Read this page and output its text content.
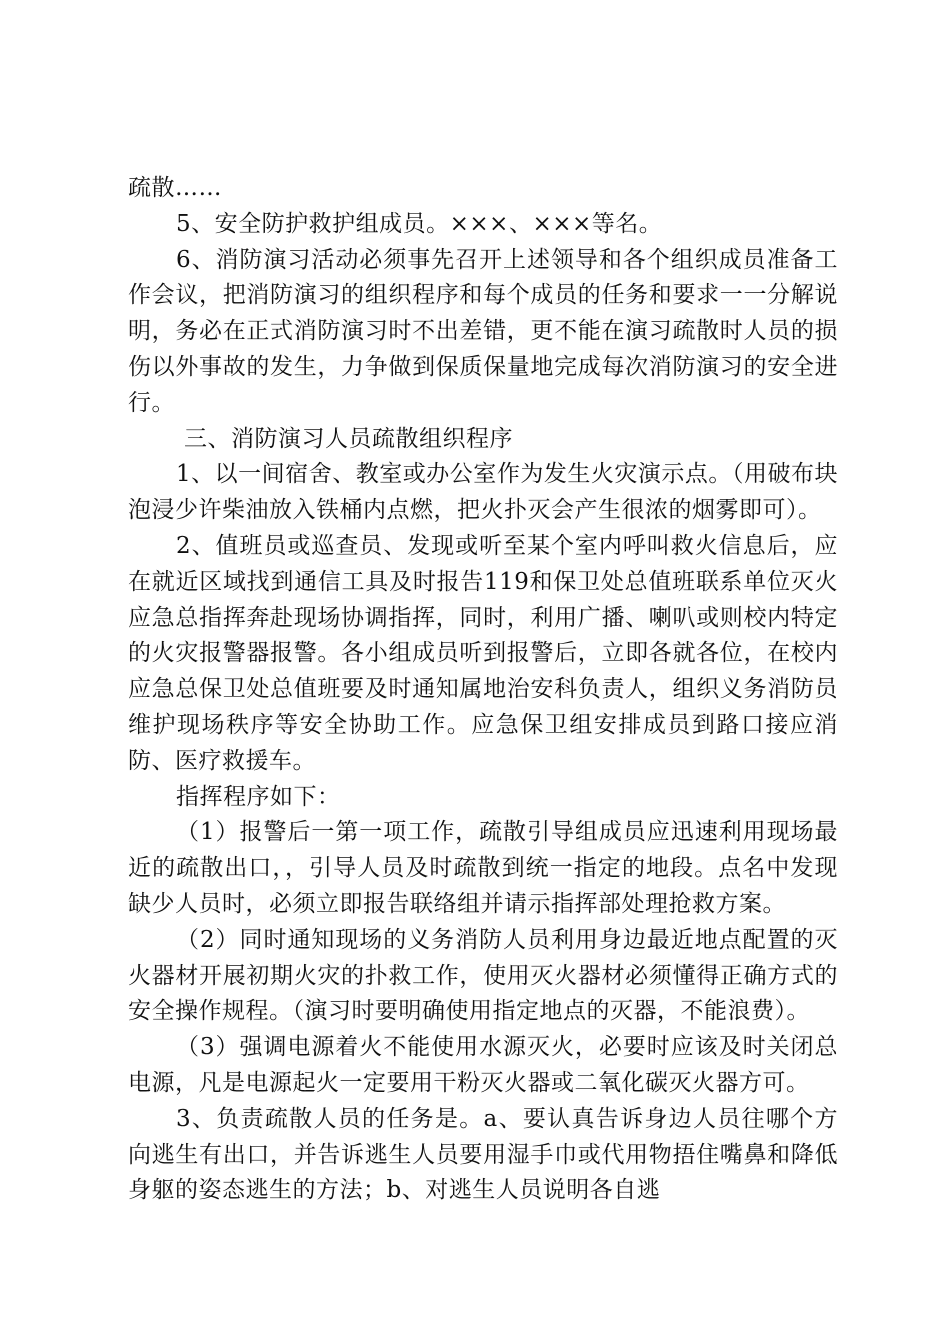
疏散……

5、安全防护救护组成员。×××、×××等名。

6、消防演习活动必须事先召开上述领导和各个组织成员准备工作会议，把消防演习的组织程序和每个成员的任务和要求一一分解说明，务必在正式消防演习时不出差错，更不能在演习疏散时人员的损伤以外事故的发生，力争做到保质保量地完成每次消防演习的安全进行。

三、消防演习人员疏散组织程序

1、以一间宿舍、教室或办公室作为发生火灾演示点。（用破布块泡浸少许柴油放入铁桶内点燃，把火扑灭会产生很浓的烟雾即可）。

2、值班员或巡查员、发现或听至某个室内呼叫救火信息后，应在就近区域找到通信工具及时报告119和保卫处总值班联系单位灭火应急总指挥奔赴现场协调指挥，同时，利用广播、喇叭或则校内特定的火灾报警器报警。各小组成员听到报警后，立即各就各位，在校内应急总保卫处总值班要及时通知属地治安科负责人，组织义务消防员维护现场秩序等安全协助工作。应急保卫组安排成员到路口接应消防、医疗救援车。

指挥程序如下：

（1）报警后一第一项工作，疏散引导组成员应迅速利用现场最近的疏散出口，，引导人员及时疏散到统一指定的地段。点名中发现缺少人员时，必须立即报告联络组并请示指挥部处理抢救方案。

（2）同时通知现场的义务消防人员利用身边最近地点配置的灭火器材开展初期火灾的扑救工作，使用灭火器材必须懂得正确方式的安全操作规程。（演习时要明确使用指定地点的灭器，不能浪费）。

（3）强调电源着火不能使用水源灭火，必要时应该及时关闭总电源，凡是电源起火一定要用干粉灭火器或二氧化碳灭火器方可。

3、负责疏散人员的任务是。a、要认真告诉身边人员往哪个方向逃生有出口，并告诉逃生人员要用湿手巾或代用物捂住嘴鼻和降低身躯的姿态逃生的方法；b、对逃生人员说明各自逃
